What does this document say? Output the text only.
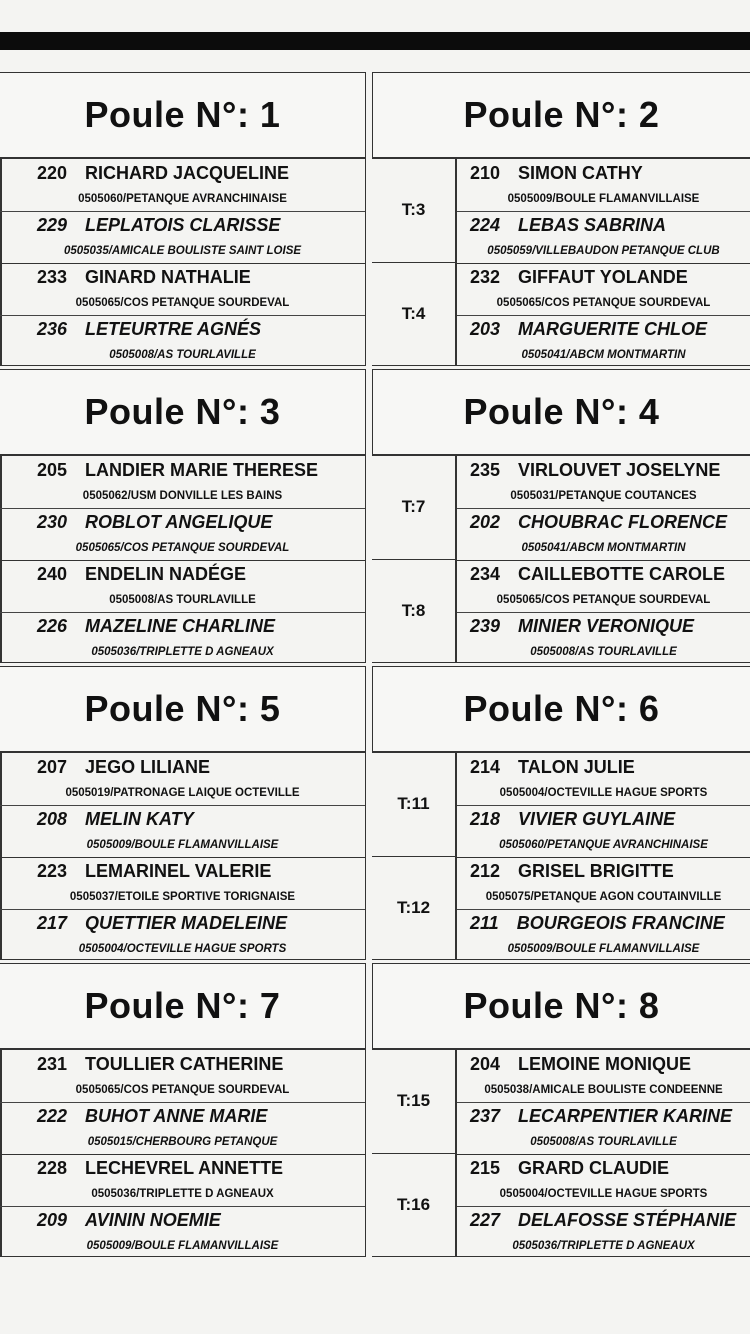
Poule N°: 1
220 RICHARD JACQUELINE
0505060/PETANQUE AVRANCHINAISE
229 LEPLATOIS CLARISSE
0505035/AMICALE BOULISTE SAINT LOISE
233 GINARD NATHALIE
0505065/COS PETANQUE SOURDEVAL
236 LETEURTRE AGNÉS
0505008/AS TOURLAVILLE
Poule N°: 2
T:3
T:4
210 SIMON CATHY
0505009/BOULE FLAMANVILLAISE
224 LEBAS SABRINA
0505059/VILLEBAUDON PETANQUE CLUB
232 GIFFAUT YOLANDE
0505065/COS PETANQUE SOURDEVAL
203 MARGUERITE CHLOE
0505041/ABCM MONTMARTIN
Poule N°: 3
205 LANDIER MARIE THERESE
0505062/USM DONVILLE LES BAINS
230 ROBLOT ANGELIQUE
0505065/COS PETANQUE SOURDEVAL
240 ENDELIN NADÉGE
0505008/AS TOURLAVILLE
226 MAZELINE CHARLINE
0505036/TRIPLETTE D AGNEAUX
Poule N°: 4
T:7
T:8
235 VIRLOUVET JOSELYNE
0505031/PETANQUE COUTANCES
202 CHOUBRAC FLORENCE
0505041/ABCM MONTMARTIN
234 CAILLEBOTTE CAROLE
0505065/COS PETANQUE SOURDEVAL
239 MINIER VERONIQUE
0505008/AS TOURLAVILLE
Poule N°: 5
207 JEGO LILIANE
0505019/PATRONAGE LAIQUE OCTEVILLE
208 MELIN KATY
0505009/BOULE FLAMANVILLAISE
223 LEMARINEL VALERIE
0505037/ETOILE SPORTIVE TORIGNAISE
217 QUETTIER MADELEINE
0505004/OCTEVILLE HAGUE SPORTS
Poule N°: 6
T:11
T:12
214 TALON JULIE
0505004/OCTEVILLE HAGUE SPORTS
218 VIVIER GUYLAINE
0505060/PETANQUE AVRANCHINAISE
212 GRISEL BRIGITTE
0505075/PETANQUE AGON COUTAINVILLE
211 BOURGEOIS FRANCINE
0505009/BOULE FLAMANVILLAISE
Poule N°: 7
231 TOULLIER CATHERINE
0505065/COS PETANQUE SOURDEVAL
222 BUHOT ANNE MARIE
0505015/CHERBOURG PETANQUE
228 LECHEVREL ANNETTE
0505036/TRIPLETTE D AGNEAUX
209 AVININ NOEMIE
0505009/BOULE FLAMANVILLAISE
Poule N°: 8
T:15
T:16
204 LEMOINE MONIQUE
0505038/AMICALE BOULISTE CONDEENNE
237 LECARPENTIER KARINE
0505008/AS TOURLAVILLE
215 GRARD CLAUDIE
0505004/OCTEVILLE HAGUE SPORTS
227 DELAFOSSE STÉPHANIE
0505036/TRIPLETTE D AGNEAUX
